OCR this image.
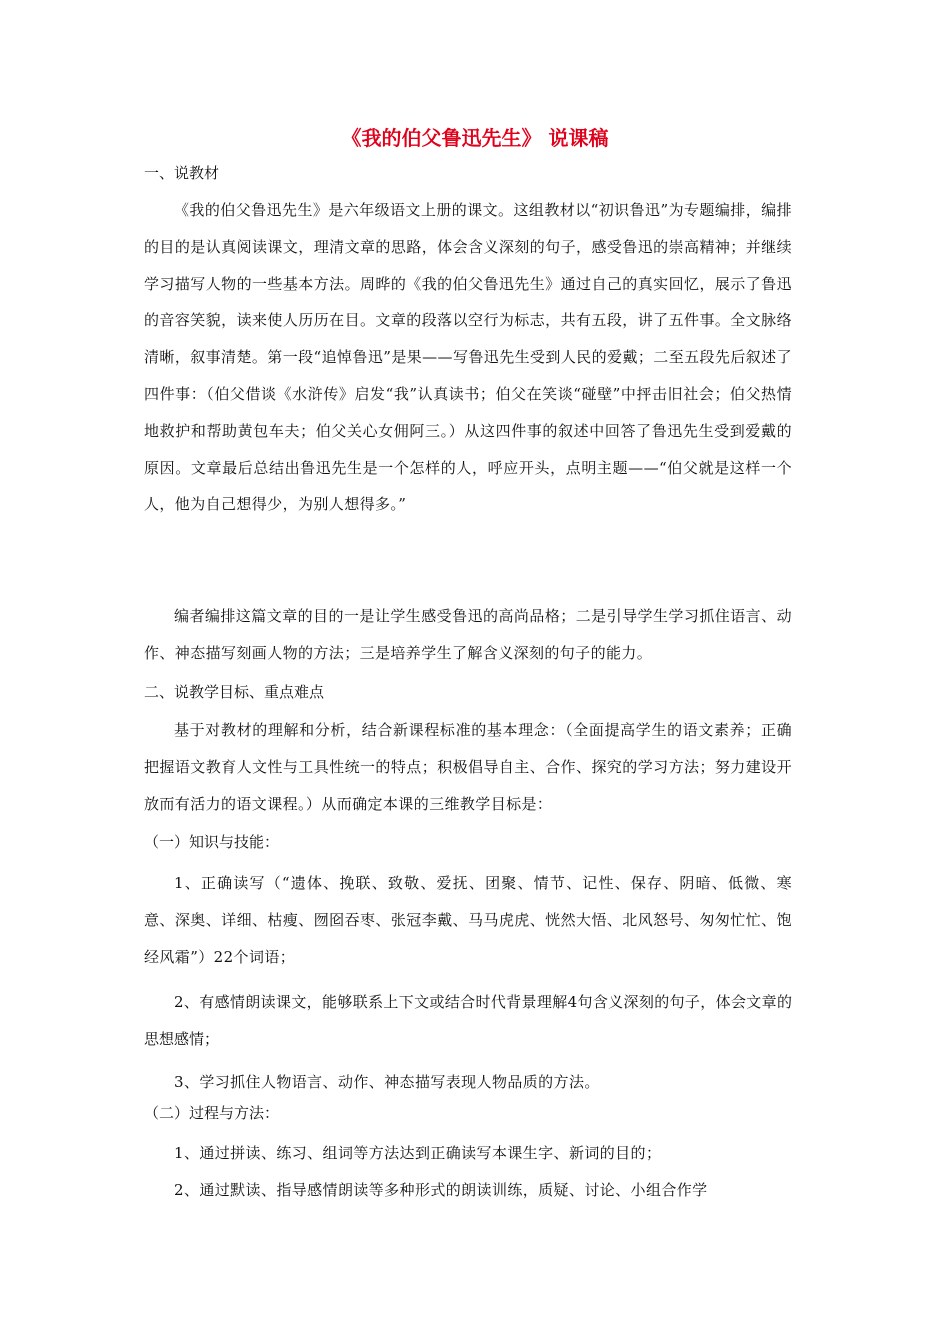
《我的伯父鲁迅先生》 说课稿
一、说教材
《我的伯父鲁迅先生》是六年级语文上册的课文。这组教材以“初识鲁迅”为专题编排，编排的目的是认真阅读课文，理清文章的思路，体会含义深刻的句子，感受鲁迅的崇高精神；并继续学习描写人物的一些基本方法。周晔的《我的伯父鲁迅先生》通过自己的真实回忆，展示了鲁迅的音容笑貌，读来使人历历在目。文章的段落以空行为标志，共有五段，讲了五件事。全文脉络清晰，叙事清楚。第一段“追悼鲁迅”是果——写鲁迅先生受到人民的爱戴；二至五段先后叙述了四件事：（伯父借谈《水浒传》启发“我”认真读书；伯父在笑谈“碰壁”中抨击旧社会；伯父热情地救护和帮助黄包车夫；伯父关心女佣阿三。）从这四件事的叙述中回答了鲁迅先生受到爱戴的原因。文章最后总结出鲁迅先生是一个怎样的人，呼应开头，点明主题——“伯父就是这样一个人，他为自己想得少，为别人想得多。”
编者编排这篇文章的目的一是让学生感受鲁迅的高尚品格；二是引导学生学习抓住语言、动作、神态描写刻画人物的方法；三是培养学生了解含义深刻的句子的能力。
二、说教学目标、重点难点
基于对教材的理解和分析，结合新课程标准的基本理念：（全面提高学生的语文素养；正确把握语文教育人文性与工具性统一的特点；积极倡导自主、合作、探究的学习方法；努力建设开放而有活力的语文课程。）从而确定本课的三维教学目标是：
（一）知识与技能：
1、正确读写（“遗体、挽联、致敬、爱抚、团聚、情节、记性、保存、阴暗、低微、寒意、深奥、详细、枯瘦、囫囵吞枣、张冠李戴、马马虎虎、恍然大悟、北风怒号、匆匆忙忙、饱经风霜”）22个词语；
2、有感情朗读课文，能够联系上下文或结合时代背景理解4句含义深刻的句子，体会文章的思想感情；
3、学习抓住人物语言、动作、神态描写表现人物品质的方法。
（二）过程与方法：
1、通过拼读、练习、组词等方法达到正确读写本课生字、新词的目的；
2、通过默读、指导感情朗读等多种形式的朗读训练，质疑、讨论、小组合作学
